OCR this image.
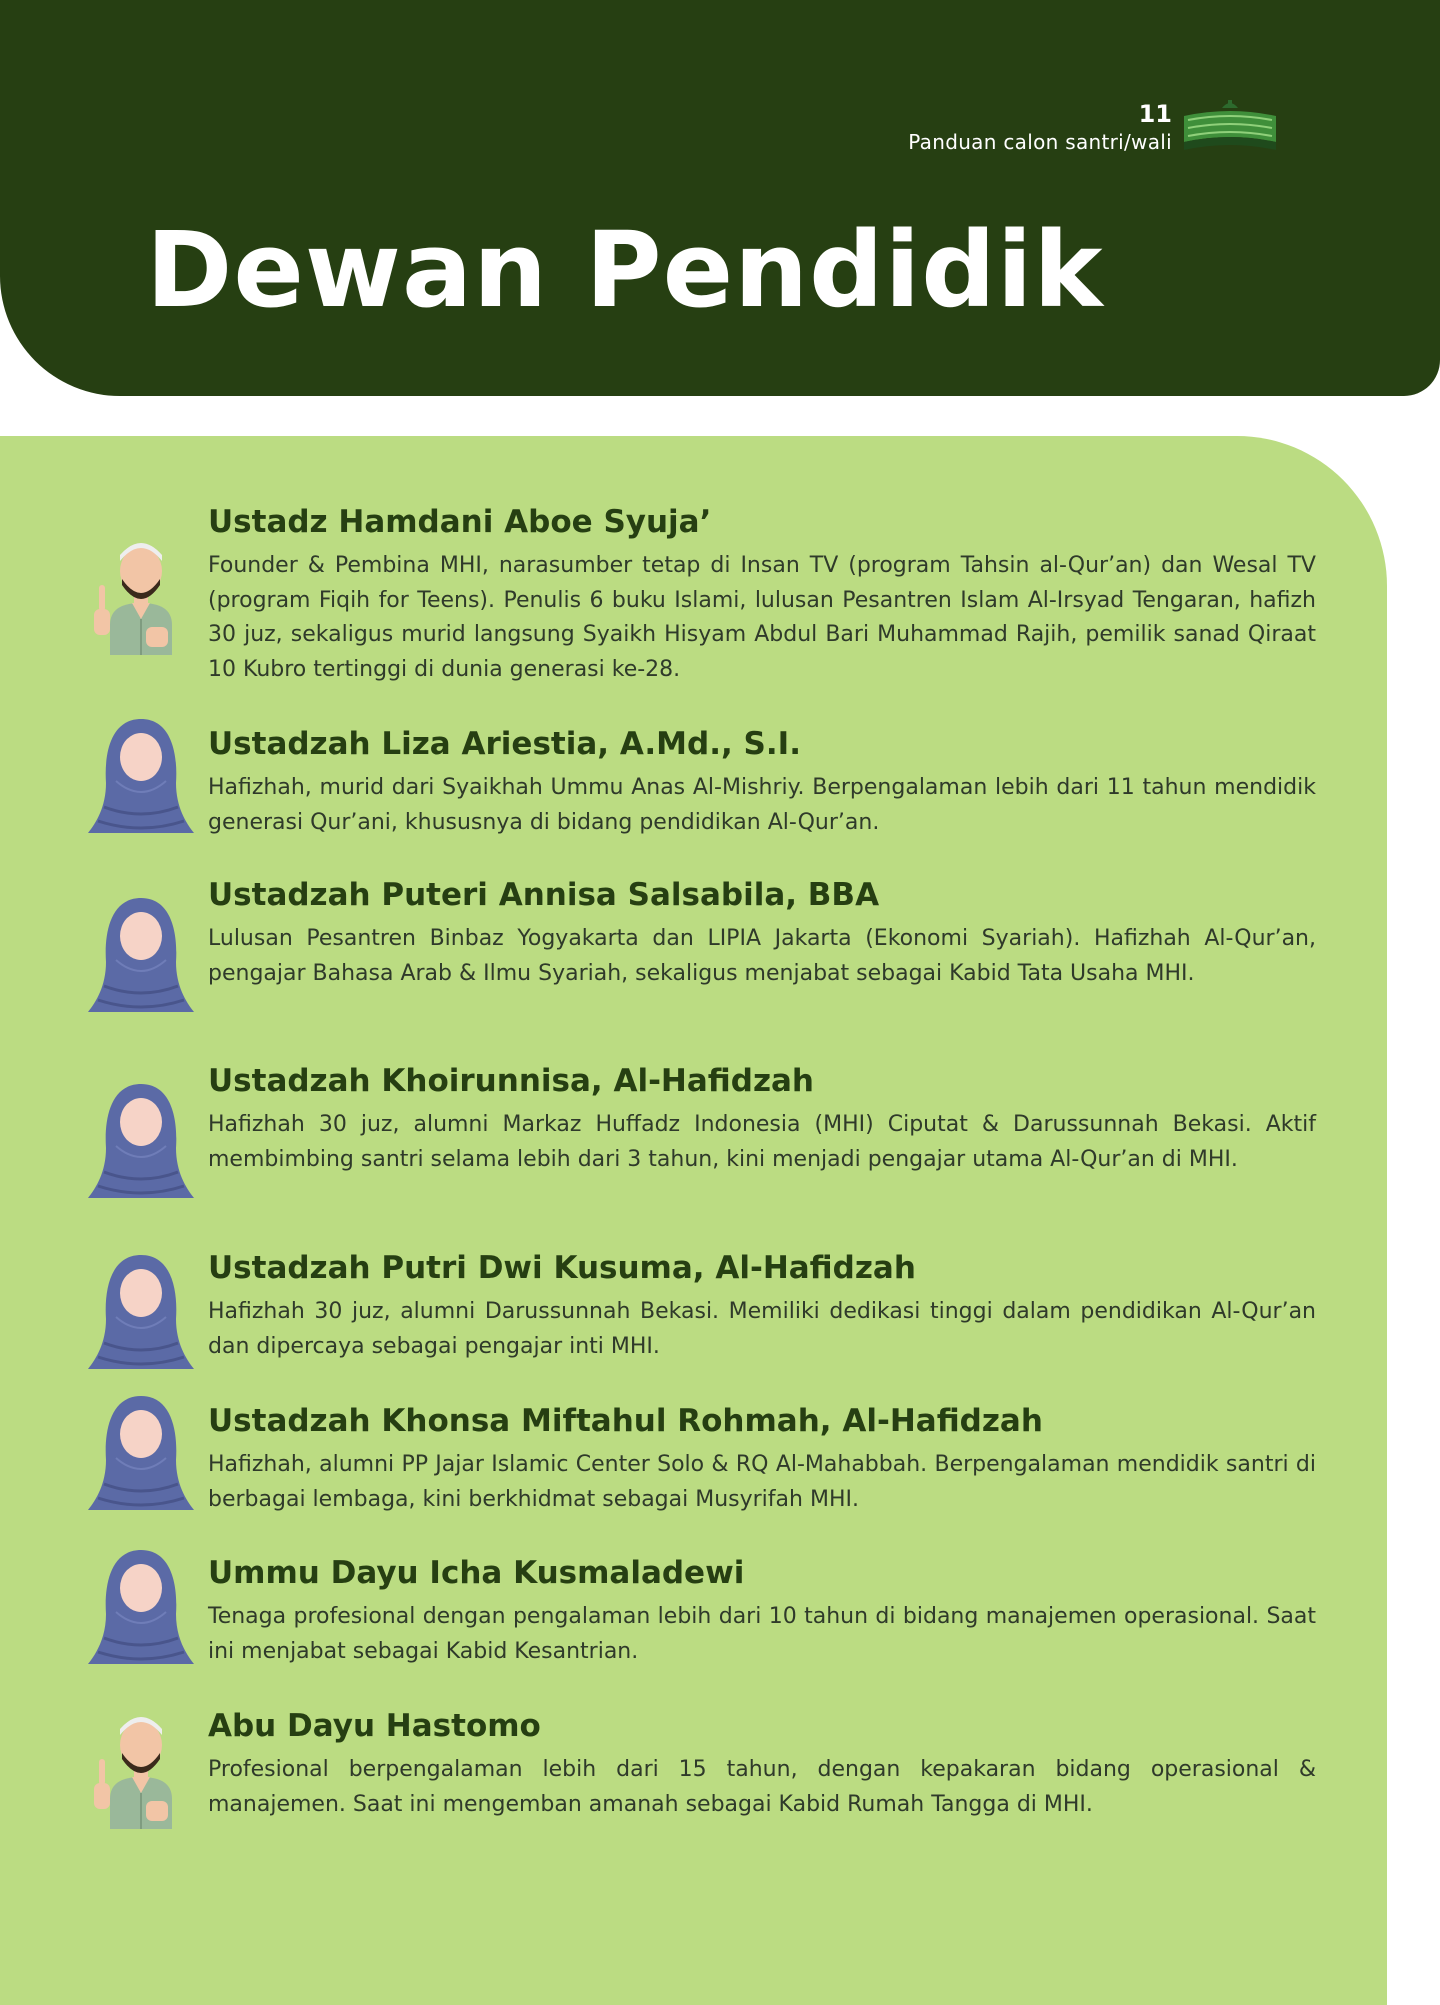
11
Panduan calon santri/wali
Dewan Pendidik
Ustadz Hamdani Aboe Syuja’

Founder & Pembina MHI, narasumber tetap di Insan TV (program Tahsin al-Qur’an) dan Wesal TV (program Fiqih for Teens). Penulis 6 buku Islami, lulusan Pesantren Islam Al-Irsyad Tengaran, hafizh 30 juz, sekaligus murid langsung Syaikh Hisyam Abdul Bari Muhammad Rajih, pemilik sanad Qiraat 10 Kubro tertinggi di dunia generasi ke-28.

Ustadzah Liza Ariestia, A.Md., S.I.

Hafizhah, murid dari Syaikhah Ummu Anas Al-Mishriy. Berpengalaman lebih dari 11 tahun mendidik generasi Qur’ani, khususnya di bidang pendidikan Al-Qur’an.

Ustadzah Puteri Annisa Salsabila, BBA

Lulusan Pesantren Binbaz Yogyakarta dan LIPIA Jakarta (Ekonomi Syariah). Hafizhah Al-Qur’an, pengajar Bahasa Arab & Ilmu Syariah, sekaligus menjabat sebagai Kabid Tata Usaha MHI.

Ustadzah Khoirunnisa, Al-Hafidzah

Hafizhah 30 juz, alumni Markaz Huffadz Indonesia (MHI) Ciputat & Darussunnah Bekasi. Aktif membimbing santri selama lebih dari 3 tahun, kini menjadi pengajar utama Al-Qur’an di MHI.

Ustadzah Putri Dwi Kusuma, Al-Hafidzah

Hafizhah 30 juz, alumni Darussunnah Bekasi. Memiliki dedikasi tinggi dalam pendidikan Al-Qur’an dan dipercaya sebagai pengajar inti MHI.

Ustadzah Khonsa Miftahul Rohmah, Al-Hafidzah

Hafizhah, alumni PP Jajar Islamic Center Solo & RQ Al-Mahabbah. Berpengalaman mendidik santri di berbagai lembaga, kini berkhidmat sebagai Musyrifah MHI.

Ummu Dayu Icha Kusmaladewi

Tenaga profesional dengan pengalaman lebih dari 10 tahun di bidang manajemen operasional. Saat ini menjabat sebagai Kabid Kesantrian.

Abu Dayu Hastomo

Profesional berpengalaman lebih dari 15 tahun, dengan kepakaran bidang operasional & manajemen. Saat ini mengemban amanah sebagai Kabid Rumah Tangga di MHI.
